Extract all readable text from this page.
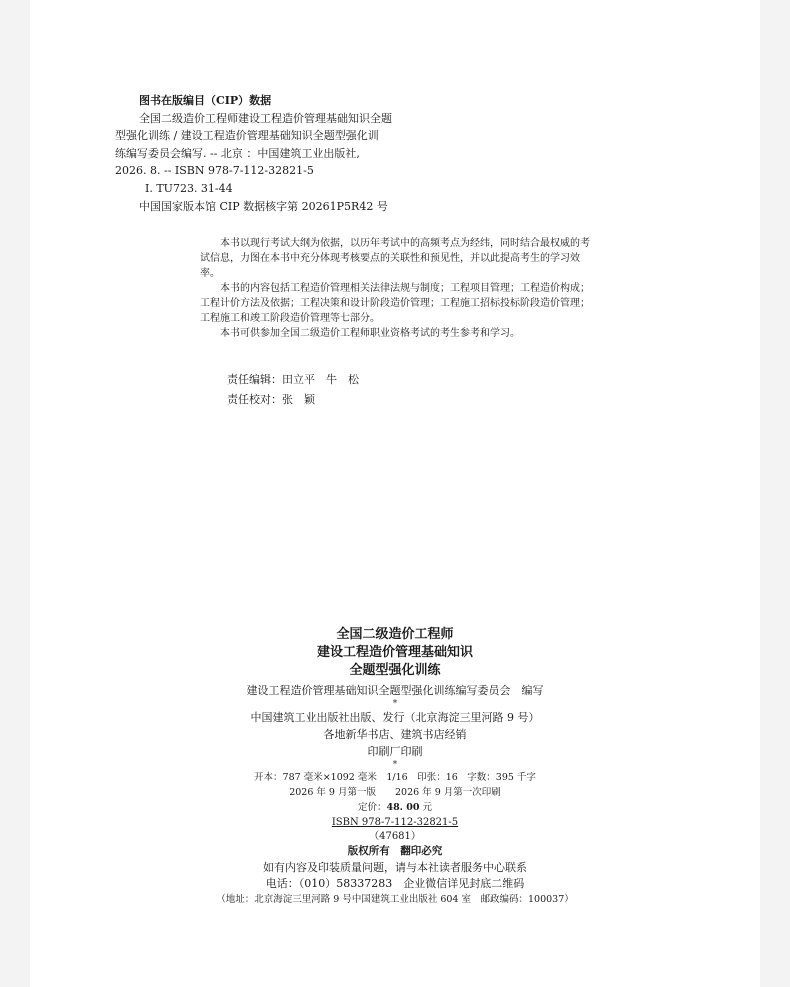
图书在版编目（CIP）数据
全国二级造价工程师建设工程造价管理基础知识全题
型强化训练 / 建设工程造价管理基础知识全题型强化训
练编写委员会编写. -- 北京 ：中国建筑工业出版社,
2026. 8. -- ISBN 978-7-112-32821-5
Ⅰ. TU723. 31-44
中国国家版本馆 CIP 数据核字第 20261P5R42 号

本书以现行考试大纲为依据，以历年考试中的高频考点为经纬，同时结合最权威的考试信息，力图在本书中充分体现考核要点的关联性和预见性，并以此提高考生的学习效率。

本书的内容包括工程造价管理相关法律法规与制度；工程项目管理；工程造价构成；工程计价方法及依据；工程决策和设计阶段造价管理；工程施工招标投标阶段造价管理；工程施工和竣工阶段造价管理等七部分。

本书可供参加全国二级造价工程师职业资格考试的考生参考和学习。

责任编辑：田立平　牛　松
责任校对：张　颖
全国二级造价工程师
建设工程造价管理基础知识
全题型强化训练
建设工程造价管理基础知识全题型强化训练编写委员会　编写
*
中国建筑工业出版社出版、发行（北京海淀三里河路 9 号）
各地新华书店、建筑书店经销
印刷厂印刷
*
开本：787 毫米×1092 毫米　1/16　印张：16　字数：395 千字
2026 年 9 月第一版　　2026 年 9 月第一次印刷
定价：48. 00 元
ISBN 978-7-112-32821-5
（47681）
版权所有　翻印必究
如有内容及印装质量问题，请与本社读者服务中心联系
电话：（010）58337283　企业微信详见封底二维码
（地址：北京海淀三里河路 9 号中国建筑工业出版社 604 室　邮政编码：100037）
